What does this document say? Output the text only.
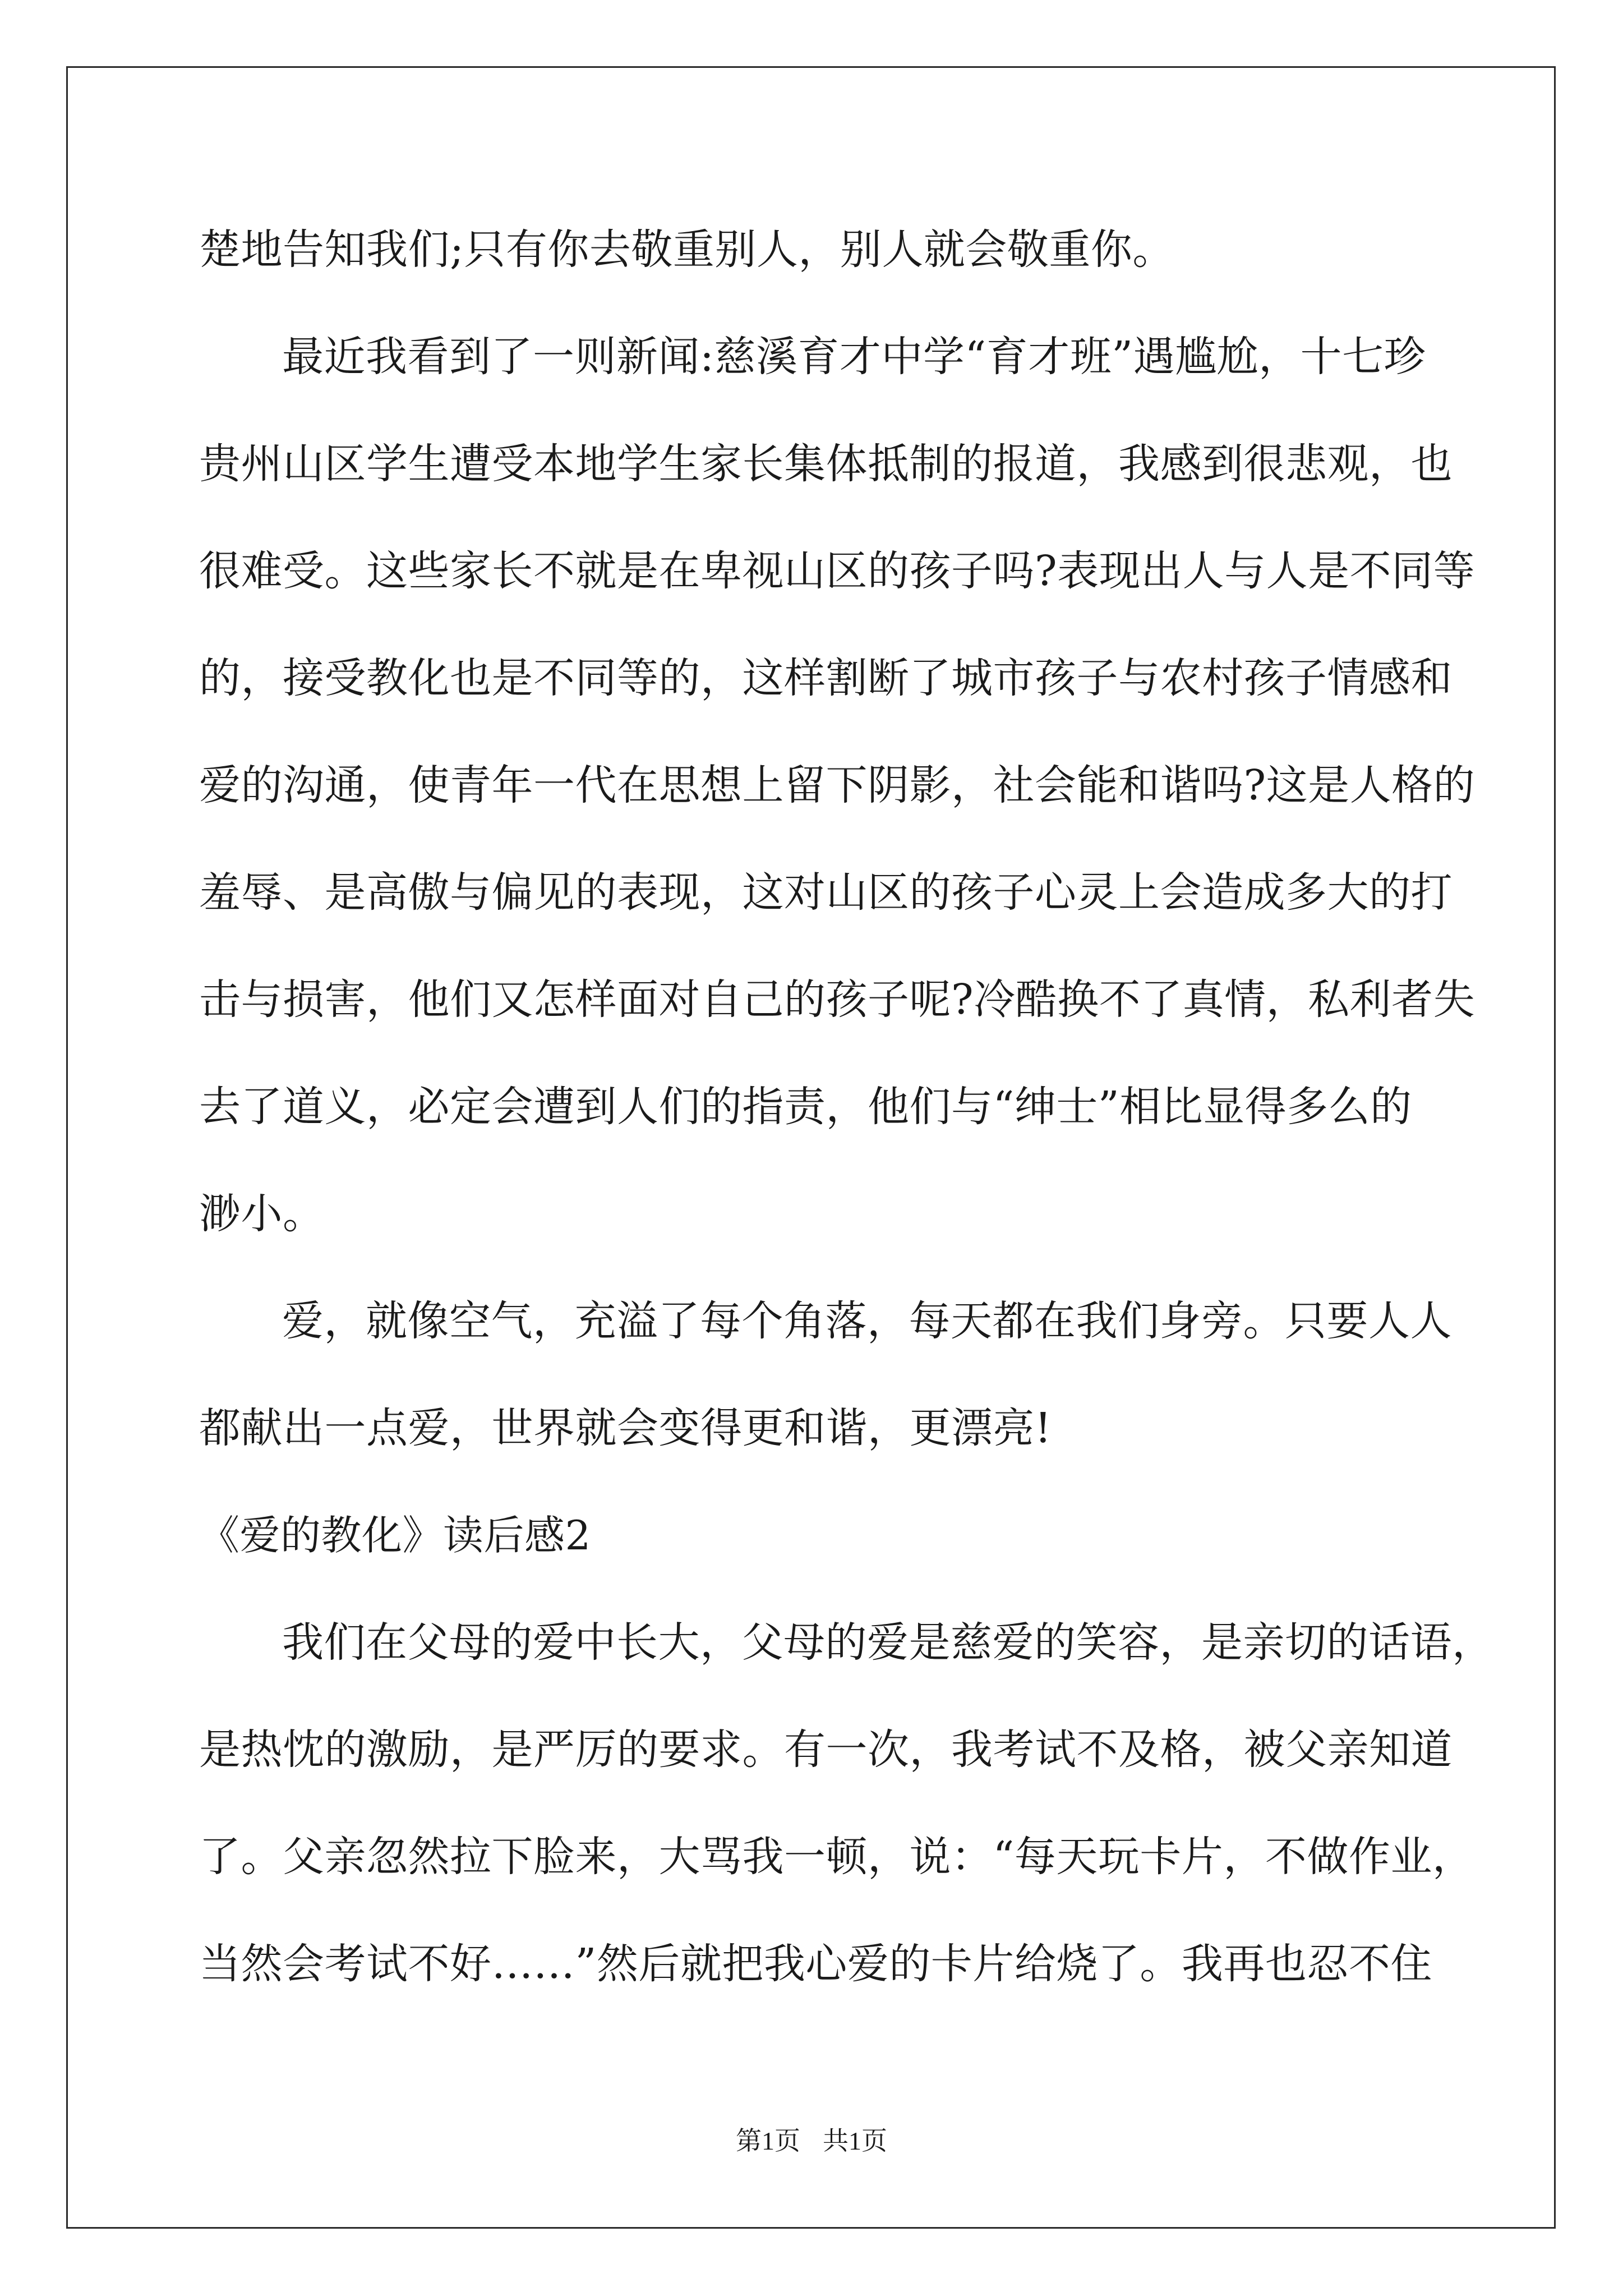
楚地告知我们;只有你去敬重别人，别人就会敬重你。
最近我看到了一则新闻:慈溪育才中学“育才班”遇尴尬，十七珍
贵州山区学生遭受本地学生家长集体抵制的报道，我感到很悲观，也
很难受。这些家长不就是在卑视山区的孩子吗?表现出人与人是不同等
的，接受教化也是不同等的，这样割断了城市孩子与农村孩子情感和
爱的沟通，使青年一代在思想上留下阴影，社会能和谐吗?这是人格的
羞辱、是高傲与偏见的表现，这对山区的孩子心灵上会造成多大的打
击与损害，他们又怎样面对自己的孩子呢?冷酷换不了真情，私利者失
去了道义，必定会遭到人们的指责，他们与“绅士”相比显得多么的
渺小。
爱，就像空气，充溢了每个角落，每天都在我们身旁。只要人人
都献出一点爱，世界就会变得更和谐，更漂亮!
《爱的教化》读后感2
我们在父母的爱中长大，父母的爱是慈爱的笑容，是亲切的话语，
是热忱的激励，是严厉的要求。有一次，我考试不及格，被父亲知道
了。父亲忽然拉下脸来，大骂我一顿，说：“每天玩卡片，不做作业，
当然会考试不好……”然后就把我心爱的卡片给烧了。我再也忍不住
第1页 共1页
